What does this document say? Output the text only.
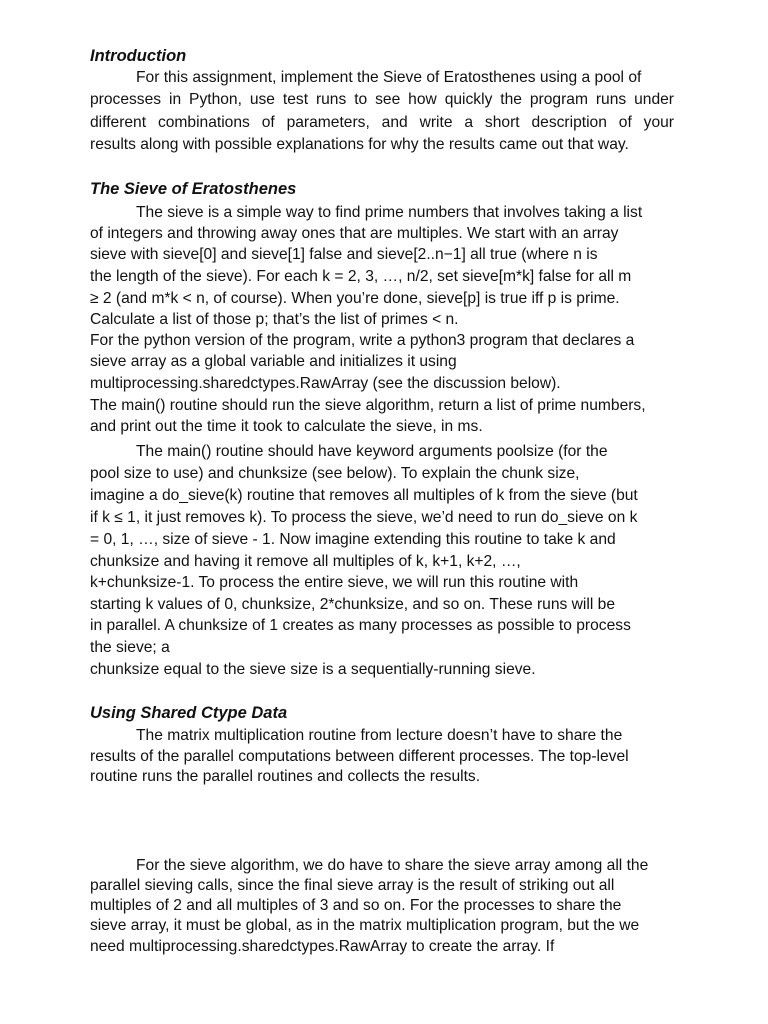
Introduction

For this assignment, implement the Sieve of Eratosthenes using a pool of

processes in Python, use test runs to see how quickly the program runs under

different combinations of parameters, and write a short description of your

results along with possible explanations for why the results came out that way.

The Sieve of Eratosthenes

The sieve is a simple way to find prime numbers that involves taking a list

of integers and throwing away ones that are multiples. We start with an array

sieve with sieve[0] and sieve[1] false and sieve[2..n−1] all true (where n is

the length of the sieve). For each k = 2, 3, …, n/2, set sieve[m*k] false for all m

≥ 2 (and m*k < n, of course). When you’re done, sieve[p] is true iff p is prime.

Calculate a list of those p; that’s the list of primes < n.

For the python version of the program, write a python3 program that declares a

sieve array as a global variable and initializes it using

multiprocessing.sharedctypes.RawArray (see the discussion below).

The main() routine should run the sieve algorithm, return a list of prime numbers,

and print out the time it took to calculate the sieve, in ms.

The main() routine should have keyword arguments poolsize (for the

pool size to use) and chunksize (see below). To explain the chunk size,

imagine a do_sieve(k) routine that removes all multiples of k from the sieve (but

if k ≤ 1, it just removes k). To process the sieve, we’d need to run do_sieve on k

= 0, 1, …, size of sieve - 1. Now imagine extending this routine to take k and

chunksize and having it remove all multiples of k, k+1, k+2, …,

k+chunksize-1. To process the entire sieve, we will run this routine with

starting k values of 0, chunksize, 2*chunksize, and so on. These runs will be

in parallel. A chunksize of 1 creates as many processes as possible to process

the sieve; a

chunksize equal to the sieve size is a sequentially-running sieve.

Using Shared Ctype Data

The matrix multiplication routine from lecture doesn’t have to share the

results of the parallel computations between different processes. The top-level

routine runs the parallel routines and collects the results.

For the sieve algorithm, we do have to share the sieve array among all the

parallel sieving calls, since the final sieve array is the result of striking out all

multiples of 2 and all multiples of 3 and so on. For the processes to share the

sieve array, it must be global, as in the matrix multiplication program, but the we

need multiprocessing.sharedctypes.RawArray to create the array. If
